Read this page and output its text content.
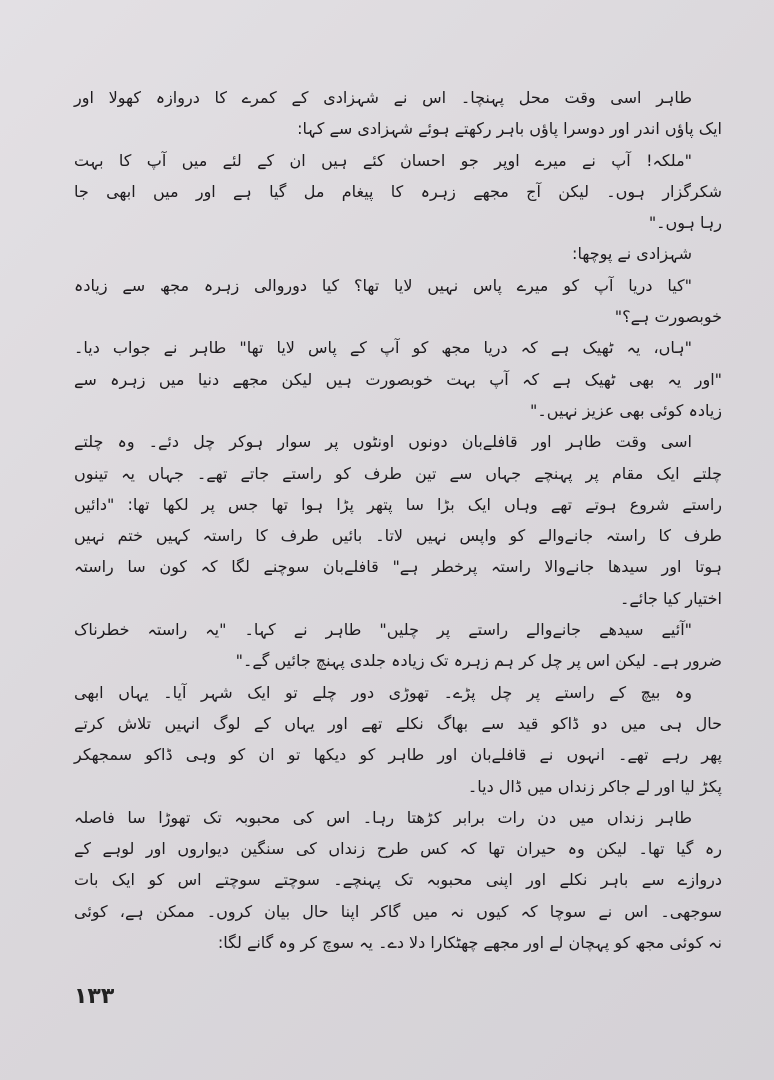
طاہر اسی وقت محل پہنچا۔ اس نے شہزادی کے کمرے کا دروازہ کھولا اور
ایک پاؤں اندر اور دوسرا پاؤں باہر رکھتے ہوئے شہزادی سے کہا:
"ملکہ! آپ نے میرے اوپر جو احسان کئے ہیں ان کے لئے میں آپ کا بہت
شکرگزار ہوں۔ لیکن آج مجھے زہرہ کا پیغام مل گیا ہے اور میں ابھی جا
رہا ہوں۔"
شہزادی نے پوچھا:
"کیا دریا آپ کو میرے پاس نہیں لایا تھا؟ کیا دوروالی زہرہ مجھ سے زیادہ
خوبصورت ہے؟"
"ہاں، یہ ٹھیک ہے کہ دریا مجھ کو آپ کے پاس لایا تھا" طاہر نے جواب دیا۔
"اور یہ بھی ٹھیک ہے کہ آپ بہت خوبصورت ہیں لیکن مجھے دنیا میں زہرہ سے
زیادہ کوئی بھی عزیز نہیں۔"
اسی وقت طاہر اور قافلےبان دونوں اونٹوں پر سوار ہوکر چل دئے۔ وہ چلتے
چلتے ایک مقام پر پہنچے جہاں سے تین طرف کو راستے جاتے تھے۔ جہاں یہ تینوں
راستے شروع ہوتے تھے وہاں ایک بڑا سا پتھر پڑا ہوا تھا جس پر لکھا تھا: "دائیں
طرف کا راستہ جانےوالے کو واپس نہیں لاتا۔ بائیں طرف کا راستہ کہیں ختم نہیں
ہوتا اور سیدھا جانےوالا راستہ پرخطر ہے" قافلےبان سوچنے لگا کہ کون سا راستہ
اختیار کیا جائے۔
"آئیے سیدھے جانےوالے راستے پر چلیں" طاہر نے کہا۔ "یہ راستہ خطرناک
ضرور ہے۔ لیکن اس پر چل کر ہم زہرہ تک زیادہ جلدی پہنچ جائیں گے۔"
وہ بیچ کے راستے پر چل پڑے۔ تھوڑی دور چلے تو ایک شہر آیا۔ یہاں ابھی
حال ہی میں دو ڈاکو قید سے بھاگ نکلے تھے اور یہاں کے لوگ انہیں تلاش کرتے
پھر رہے تھے۔ انہوں نے قافلےبان اور طاہر کو دیکھا تو ان کو وہی ڈاکو سمجھکر
پکڑ لیا اور لے جاکر زنداں میں ڈال دیا۔
طاہر زنداں میں دن رات برابر کڑھتا رہا۔ اس کی محبوبہ تک تھوڑا سا فاصلہ
رہ گیا تھا۔ لیکن وہ حیران تھا کہ کس طرح زنداں کی سنگین دیواروں اور لوہے کے
دروازے سے باہر نکلے اور اپنی محبوبہ تک پہنچے۔ سوچتے سوچتے اس کو ایک بات
سوجھی۔ اس نے سوچا کہ کیوں نہ میں گاکر اپنا حال بیان کروں۔ ممکن ہے، کوئی
نہ کوئی مجھ کو پہچان لے اور مجھے چھٹکارا دلا دے۔ یہ سوچ کر وہ گانے لگا:
۱۳۳
